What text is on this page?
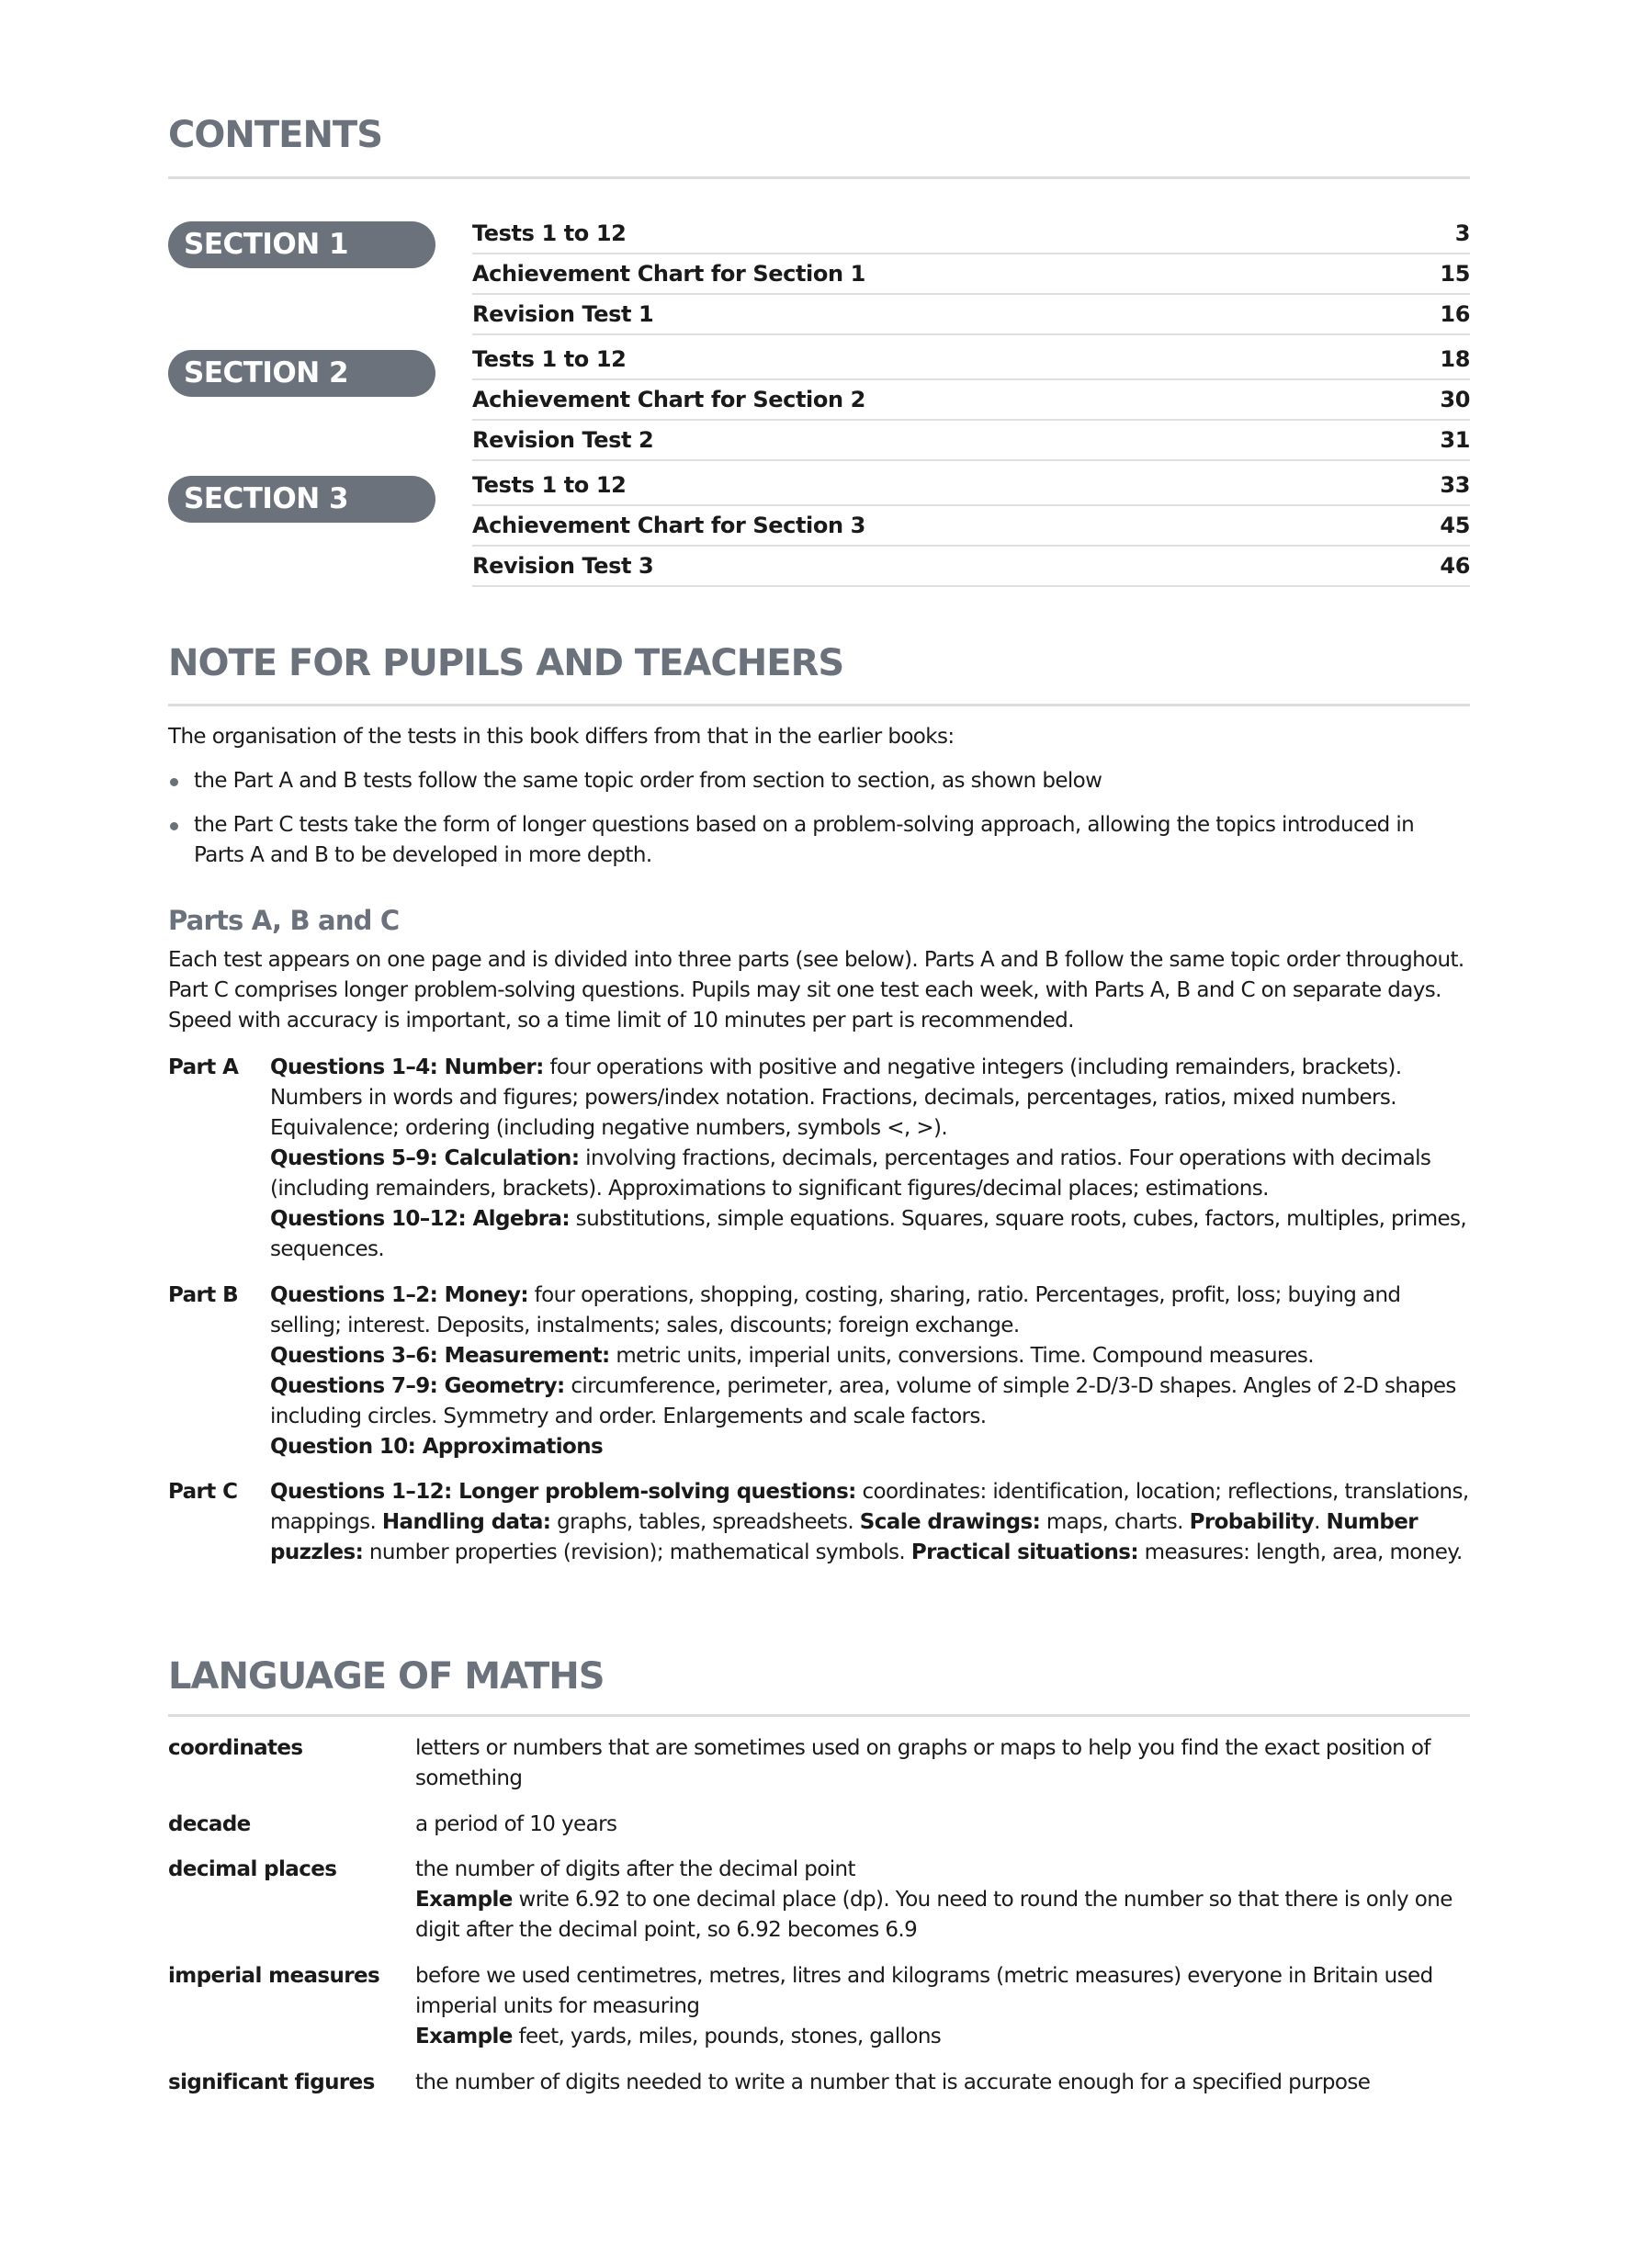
CONTENTS
SECTION 1	Tests 1 to 12	3
Achievement Chart for Section 1	15
Revision Test 1	16
SECTION 2	Tests 1 to 12	18
Achievement Chart for Section 2	30
Revision Test 2	31
SECTION 3	Tests 1 to 12	33
Achievement Chart for Section 3	45
Revision Test 3	46
NOTE FOR PUPILS AND TEACHERS

The organisation of the tests in this book differs from that in the earlier books:

the Part A and B tests follow the same topic order from section to section, as shown below
the Part C tests take the form of longer questions based on a problem-solving approach, allowing the topics introduced in Parts A and B to be developed in more depth.
Parts A, B and C

Each test appears on one page and is divided into three parts (see below). Parts A and B follow the same topic order throughout. Part C comprises longer problem-solving questions. Pupils may sit one test each week, with Parts A, B and C on separate days. Speed with accuracy is important, so a time limit of 10 minutes per part is recommended.

Part A	Questions 1–4: Number: four operations with positive and negative integers (including remainders, brackets). Numbers in words and figures; powers/index notation. Fractions, decimals, percentages, ratios, mixed numbers. Equivalence; ordering (including negative numbers, symbols <, >).
Questions 5–9: Calculation: involving fractions, decimals, percentages and ratios. Four operations with decimals (including remainders, brackets). Approximations to significant figures/decimal places; estimations.
Questions 10–12: Algebra: substitutions, simple equations. Squares, square roots, cubes, factors, multiples, primes, sequences.
Part B	Questions 1–2: Money: four operations, shopping, costing, sharing, ratio. Percentages, profit, loss; buying and selling; interest. Deposits, instalments; sales, discounts; foreign exchange.
Questions 3–6: Measurement: metric units, imperial units, conversions. Time. Compound measures.
Questions 7–9: Geometry: circumference, perimeter, area, volume of simple 2-D/3-D shapes. Angles of 2-D shapes including circles. Symmetry and order. Enlargements and scale factors.
Question 10: Approximations
Part C	Questions 1–12: Longer problem-solving questions: coordinates: identification, location; reflections, translations, mappings. Handling data: graphs, tables, spreadsheets. Scale drawings: maps, charts. Probability. Number puzzles: number properties (revision); mathematical symbols. Practical situations: measures: length, area, money.
LANGUAGE OF MATHS
coordinates	letters or numbers that are sometimes used on graphs or maps to help you find the exact position of something
decade	a period of 10 years
decimal places	the number of digits after the decimal point
Example write 6.92 to one decimal place (dp). You need to round the number so that there is only one digit after the decimal point, so 6.92 becomes 6.9
imperial measures	before we used centimetres, metres, litres and kilograms (metric measures) everyone in Britain used imperial units for measuring
Example feet, yards, miles, pounds, stones, gallons
significant figures	the number of digits needed to write a number that is accurate enough for a specified purpose
